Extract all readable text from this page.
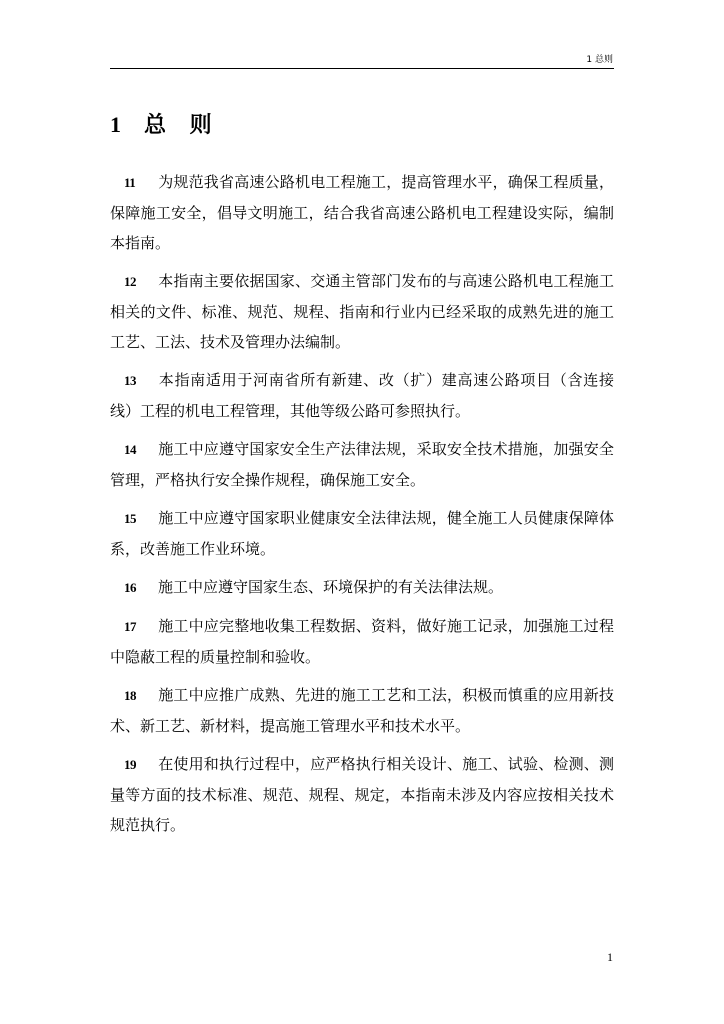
1 总则
1 总 则

11 为规范我省高速公路机电工程施工，提高管理水平，确保工程质量，保障施工安全，倡导文明施工，结合我省高速公路机电工程建设实际，编制本指南。

12 本指南主要依据国家、交通主管部门发布的与高速公路机电工程施工相关的文件、标准、规范、规程、指南和行业内已经采取的成熟先进的施工工艺、工法、技术及管理办法编制。

13 本指南适用于河南省所有新建、改（扩）建高速公路项目（含连接线）工程的机电工程管理，其他等级公路可参照执行。

14 施工中应遵守国家安全生产法律法规，采取安全技术措施，加强安全管理，严格执行安全操作规程，确保施工安全。

15 施工中应遵守国家职业健康安全法律法规，健全施工人员健康保障体系，改善施工作业环境。

16 施工中应遵守国家生态、环境保护的有关法律法规。

17 施工中应完整地收集工程数据、资料，做好施工记录，加强施工过程中隐蔽工程的质量控制和验收。

18 施工中应推广成熟、先进的施工工艺和工法，积极而慎重的应用新技术、新工艺、新材料，提高施工管理水平和技术水平。

19 在使用和执行过程中，应严格执行相关设计、施工、试验、检测、测量等方面的技术标准、规范、规程、规定，本指南未涉及内容应按相关技术规范执行。

1
